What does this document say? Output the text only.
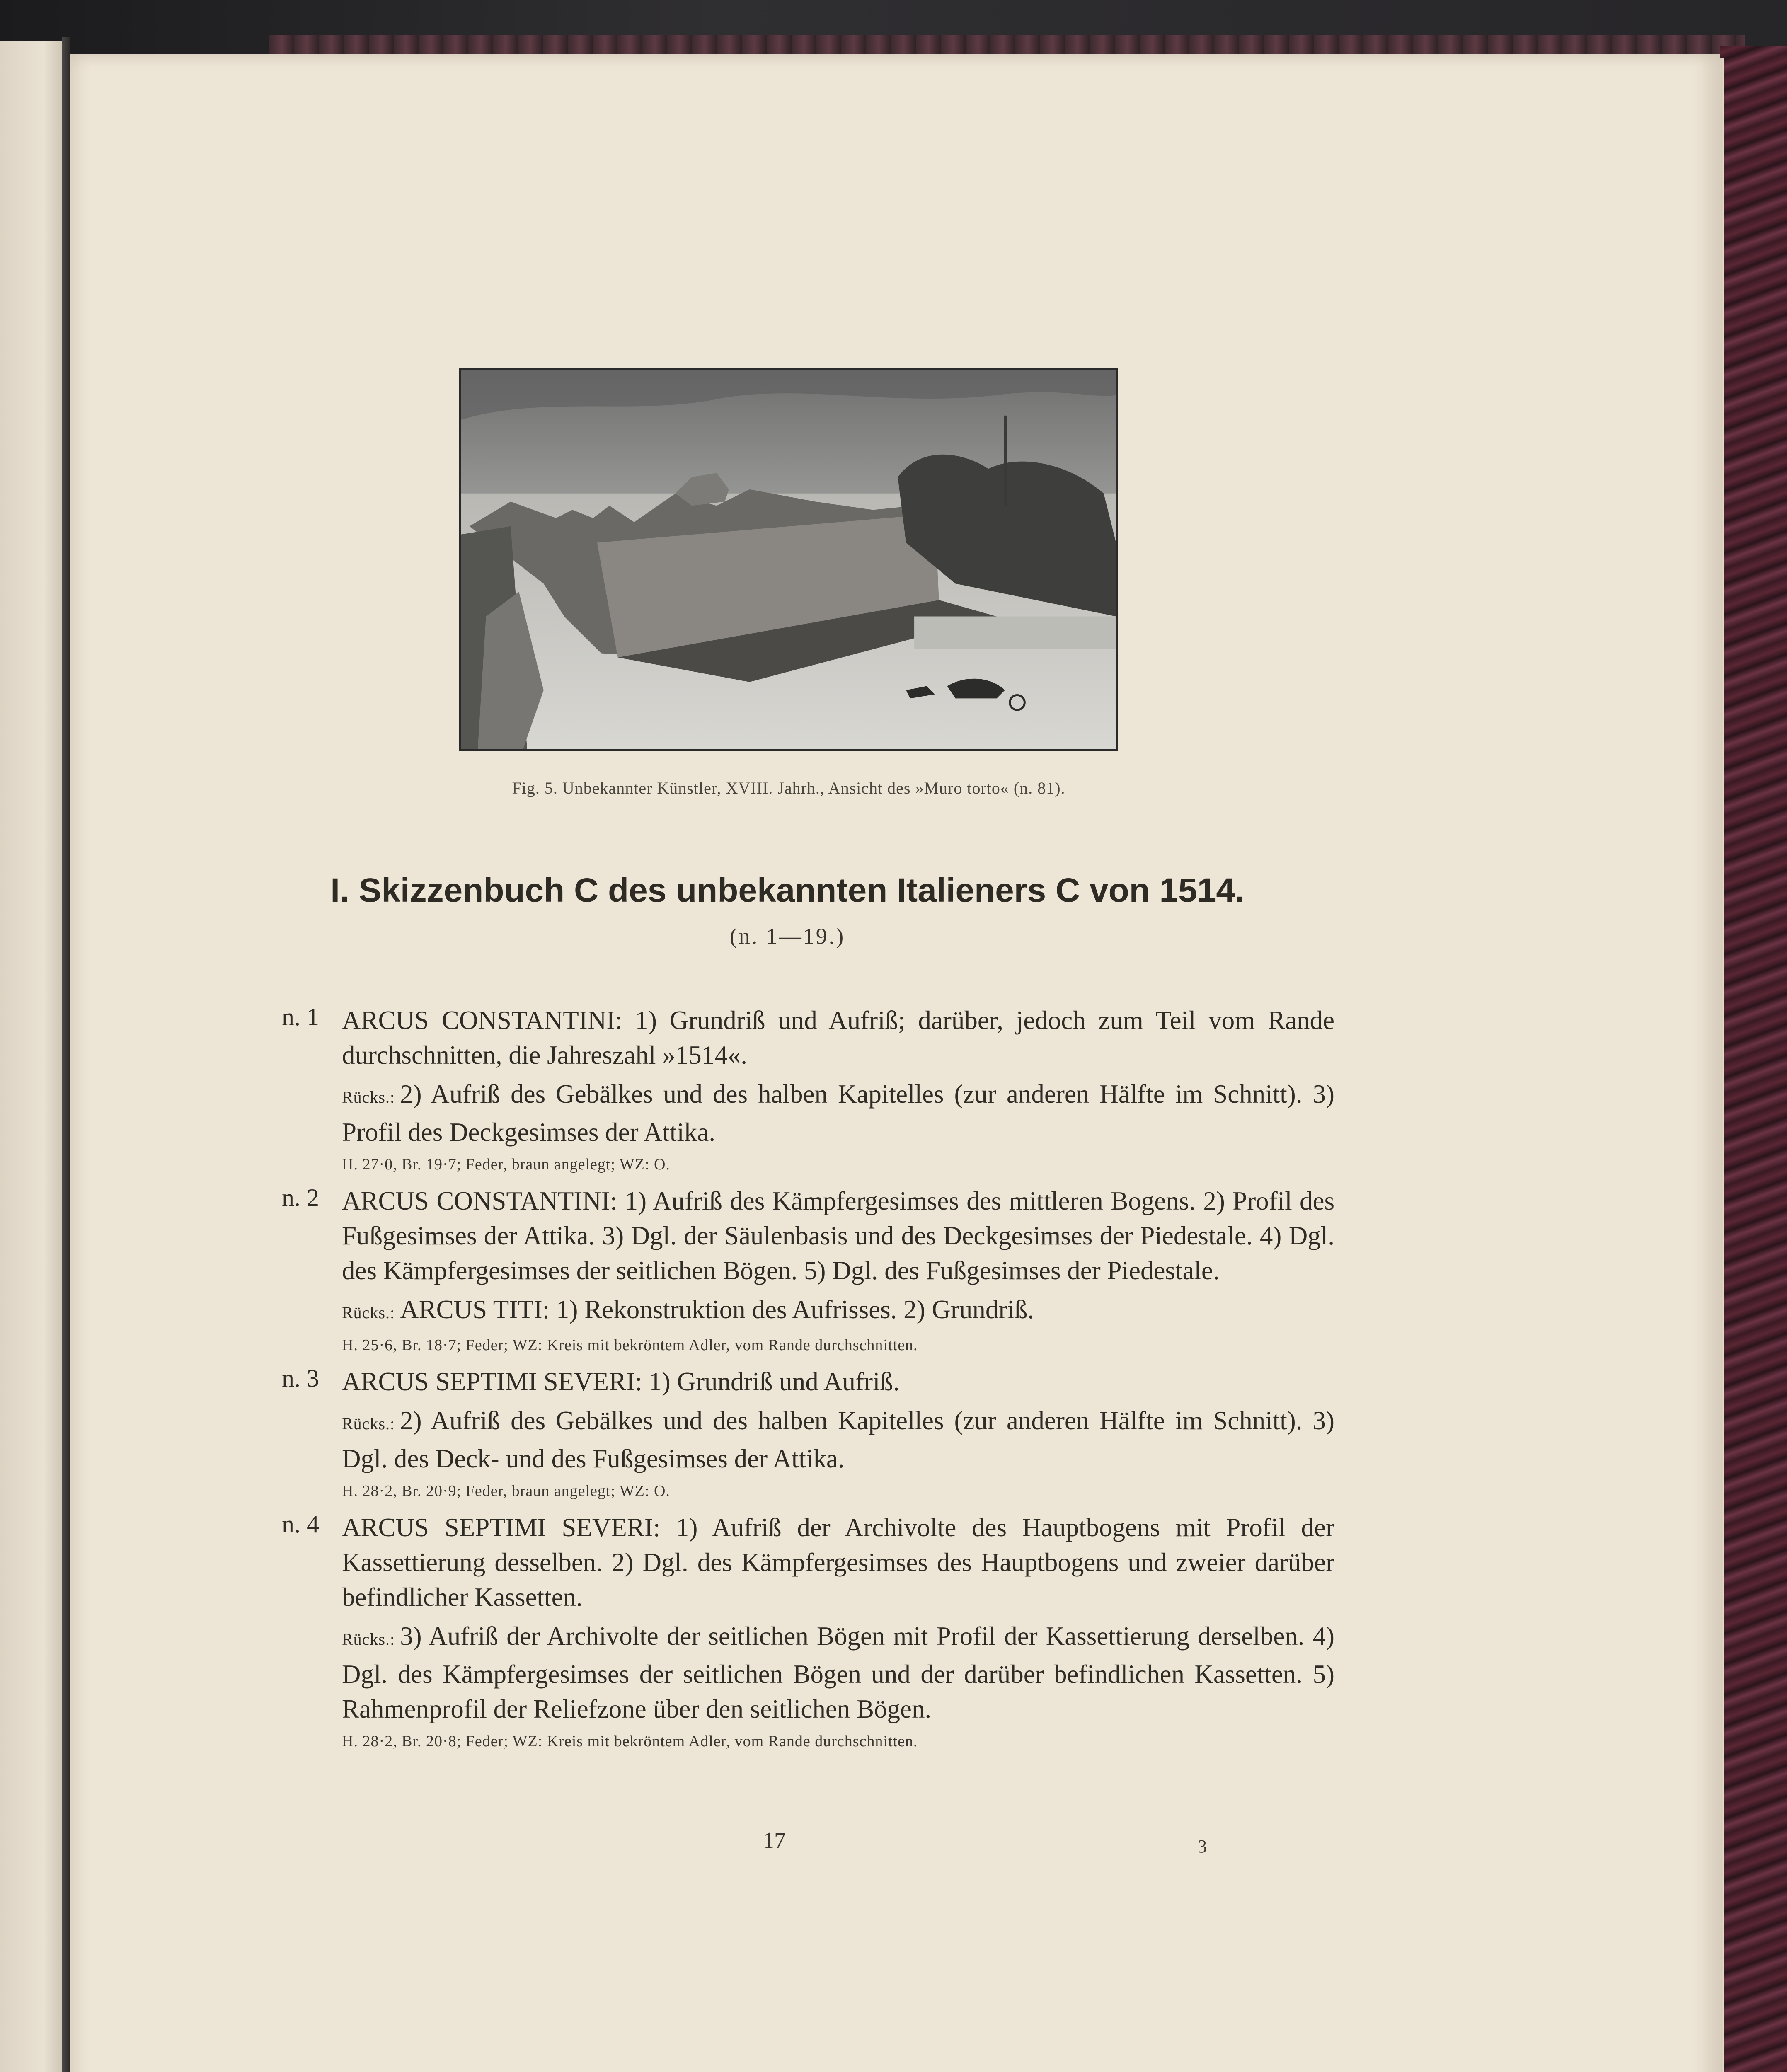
Fig. 5. Unbekannter Künstler, XVIII. Jahrh., Ansicht des »Muro torto« (n. 81).
I. Skizzenbuch C des unbekannten Italieners C von 1514.
(n. 1—19.)
n. 1 ARCUS CONSTANTINI: 1) Grundriß und Aufriß; darüber, jedoch zum Teil vom Rande durchschnitten, die Jahreszahl »1514«.
Rücks.: 2) Aufriß des Gebälkes und des halben Kapitelles (zur anderen Hälfte im Schnitt). 3) Profil des Deckgesimses der Attika.
H. 27·0, Br. 19·7; Feder, braun angelegt; WZ: O.
n. 2 ARCUS CONSTANTINI: 1) Aufriß des Kämpfergesimses des mittleren Bogens. 2) Profil des Fußgesimses der Attika. 3) Dgl. der Säulenbasis und des Deckgesimses der Piedestale. 4) Dgl. des Kämpfergesimses der seitlichen Bögen. 5) Dgl. des Fußgesimses der Piedestale.
Rücks.: ARCUS TITI: 1) Rekonstruktion des Aufrisses. 2) Grundriß.
H. 25·6, Br. 18·7; Feder; WZ: Kreis mit bekröntem Adler, vom Rande durchschnitten.
n. 3 ARCUS SEPTIMI SEVERI: 1) Grundriß und Aufriß.
Rücks.: 2) Aufriß des Gebälkes und des halben Kapitelles (zur anderen Hälfte im Schnitt). 3) Dgl. des Deck- und des Fußgesimses der Attika.
H. 28·2, Br. 20·9; Feder, braun angelegt; WZ: O.
n. 4 ARCUS SEPTIMI SEVERI: 1) Aufriß der Archivolte des Hauptbogens mit Profil der Kassettierung desselben. 2) Dgl. des Kämpfergesimses des Hauptbogens und zweier darüber befindlicher Kassetten.
Rücks.: 3) Aufriß der Archivolte der seitlichen Bögen mit Profil der Kassettierung derselben. 4) Dgl. des Kämpfergesimses der seitlichen Bögen und der darüber befindlichen Kassetten. 5) Rahmenprofil der Reliefzone über den seitlichen Bögen.
H. 28·2, Br. 20·8; Feder; WZ: Kreis mit bekröntem Adler, vom Rande durchschnitten.
17	3
